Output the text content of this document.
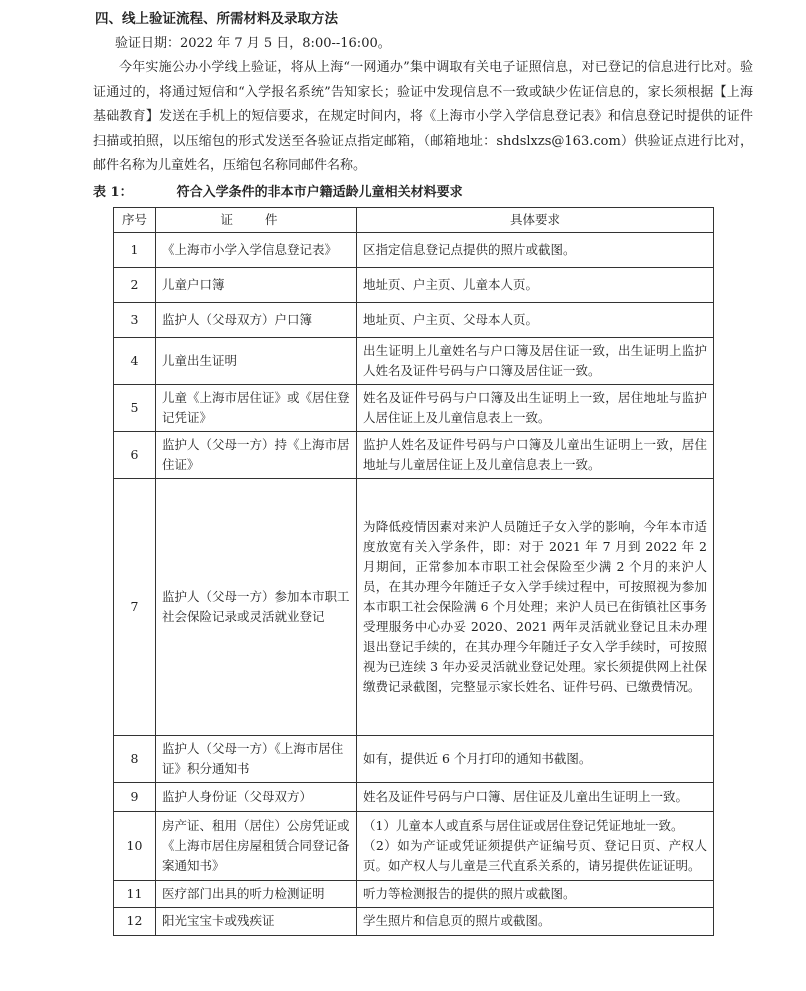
四、线上验证流程、所需材料及录取方法
验证日期：2022 年 7 月 5 日，8:00--16:00。

今年实施公办小学线上验证，将从上海“一网通办”集中调取有关电子证照信息，对已登记的信息进行比对。验证通过的，将通过短信和“入学报名系统”告知家长；验证中发现信息不一致或缺少佐证信息的，家长须根据【上海基础教育】发送在手机上的短信要求，在规定时间内，将《上海市小学入学信息登记表》和信息登记时提供的证件扫描或拍照，以压缩包的形式发送至各验证点指定邮箱，（邮箱地址：shdslxzs@163.com）供验证点进行比对，邮件名称为儿童姓名，压缩包名称同邮件名称。

表 1：	符合入学条件的非本市户籍适龄儿童相关材料要求
序号	证 件	具体要求
1	《上海市小学入学信息登记表》	区指定信息登记点提供的照片或截图。
2	儿童户口簿	地址页、户主页、儿童本人页。
3	监护人（父母双方）户口簿	地址页、户主页、父母本人页。
4	儿童出生证明	出生证明上儿童姓名与户口簿及居住证一致，出生证明上监护人姓名及证件号码与户口簿及居住证一致。
5	儿童《上海市居住证》或《居住登记凭证》	姓名及证件号码与户口簿及出生证明上一致，居住地址与监护人居住证上及儿童信息表上一致。
6	监护人（父母一方）持《上海市居住证》	监护人姓名及证件号码与户口簿及儿童出生证明上一致，居住地址与儿童居住证上及儿童信息表上一致。
7	监护人（父母一方）参加本市职工社会保险记录或灵活就业登记	为降低疫情因素对来沪人员随迁子女入学的影响，今年本市适度放宽有关入学条件，即：对于 2021 年 7 月到 2022 年 2 月期间，正常参加本市职工社会保险至少满 2 个月的来沪人员，在其办理今年随迁子女入学手续过程中，可按照视为参加本市职工社会保险满 6 个月处理；来沪人员已在街镇社区事务受理服务中心办妥 2020、2021 两年灵活就业登记且未办理退出登记手续的，在其办理今年随迁子女入学手续时，可按照视为已连续 3 年办妥灵活就业登记处理。家长须提供网上社保缴费记录截图，完整显示家长姓名、证件号码、已缴费情况。
8	监护人（父母一方）《上海市居住证》积分通知书	如有，提供近 6 个月打印的通知书截图。
9	监护人身份证（父母双方）	姓名及证件号码与户口簿、居住证及儿童出生证明上一致。
10	房产证、租用（居住）公房凭证或《上海市居住房屋租赁合同登记备案通知书》	（1）儿童本人或直系与居住证或居住登记凭证地址一致。
（2）如为产证或凭证须提供产证编号页、登记日页、产权人页。如产权人与儿童是三代直系关系的，请另提供佐证证明。

11	医疗部门出具的听力检测证明	听力等检测报告的提供的照片或截图。
12	阳光宝宝卡或残疾证	学生照片和信息页的照片或截图。
